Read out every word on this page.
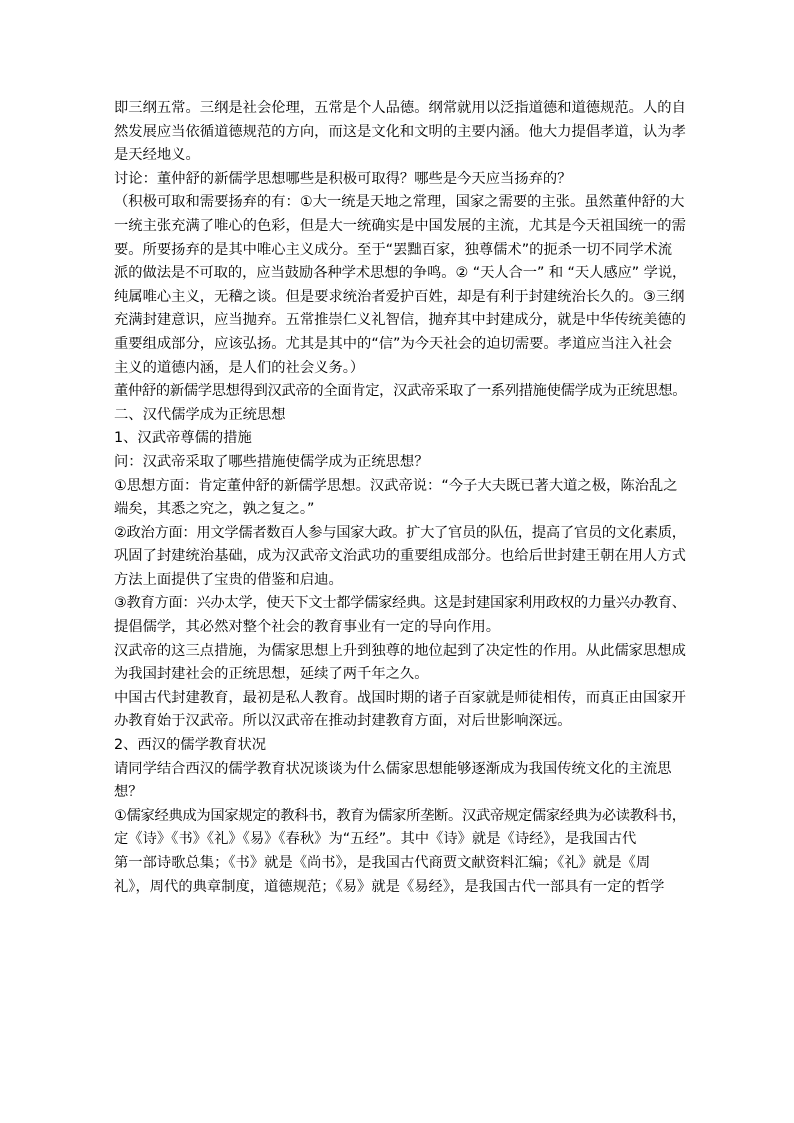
即三纲五常。三纲是社会伦理，五常是个人品德。纲常就用以泛指道德和道德规范。人的自
然发展应当依循道德规范的方向，而这是文化和文明的主要内涵。他大力提倡孝道，认为孝
是天经地义。
讨论：董仲舒的新儒学思想哪些是积极可取得？哪些是今天应当扬弃的？
（积极可取和需要扬弃的有：①大一统是天地之常理，国家之需要的主张。虽然董仲舒的大
一统主张充满了唯心的色彩，但是大一统确实是中国发展的主流，尤其是今天祖国统一的需
要。所要扬弃的是其中唯心主义成分。至于“罢黜百家，独尊儒术”的扼杀一切不同学术流
派的做法是不可取的，应当鼓励各种学术思想的争鸣。② “天人合一” 和 “天人感应” 学说，
纯属唯心主义，无稽之谈。但是要求统治者爱护百姓，却是有利于封建统治长久的。③三纲
充满封建意识，应当抛弃。五常推崇仁义礼智信，抛弃其中封建成分，就是中华传统美德的
重要组成部分，应该弘扬。尤其是其中的“信”为今天社会的迫切需要。孝道应当注入社会
主义的道德内涵，是人们的社会义务。）
董仲舒的新儒学思想得到汉武帝的全面肯定，汉武帝采取了一系列措施使儒学成为正统思想。
二、汉代儒学成为正统思想
1、汉武帝尊儒的措施
问：汉武帝采取了哪些措施使儒学成为正统思想？
①思想方面：肯定董仲舒的新儒学思想。汉武帝说：“今子大夫既已著大道之极，陈治乱之
端矣，其悉之究之，孰之复之。”
②政治方面：用文学儒者数百人参与国家大政。扩大了官员的队伍，提高了官员的文化素质，
巩固了封建统治基础，成为汉武帝文治武功的重要组成部分。也给后世封建王朝在用人方式
方法上面提供了宝贵的借鉴和启迪。
③教育方面：兴办太学，使天下文士都学儒家经典。这是封建国家利用政权的力量兴办教育、
提倡儒学，其必然对整个社会的教育事业有一定的导向作用。
汉武帝的这三点措施，为儒家思想上升到独尊的地位起到了决定性的作用。从此儒家思想成
为我国封建社会的正统思想，延续了两千年之久。
中国古代封建教育，最初是私人教育。战国时期的诸子百家就是师徒相传，而真正由国家开
办教育始于汉武帝。所以汉武帝在推动封建教育方面，对后世影响深远。
2、西汉的儒学教育状况
请同学结合西汉的儒学教育状况谈谈为什么儒家思想能够逐渐成为我国传统文化的主流思
想？
①儒家经典成为国家规定的教科书，教育为儒家所垄断。汉武帝规定儒家经典为必读教科书，
定《诗》《书》《礼》《易》《春秋》为“五经”。其中《诗》就是《诗经》，是我国古代
第一部诗歌总集；《书》就是《尚书》，是我国古代商贾文献资料汇编；《礼》就是《周
礼》，周代的典章制度，道德规范；《易》就是《易经》，是我国古代一部具有一定的哲学
